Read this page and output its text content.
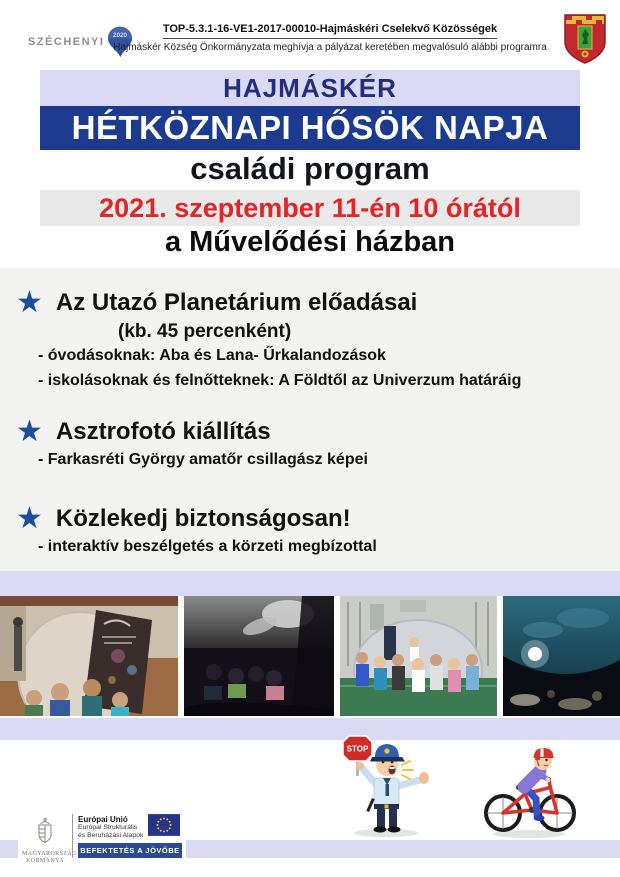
SZÉCHENYI
2020
TOP-5.3.1-16-VE1-2017-00010-Hajmáskéri Cselekvő Közösségek
Hajmáskér Község Önkormányzata meghívja a pályázat keretében megvalósuló alábbi programra
HAJMÁSKÉR
HÉTKÖZNAPI HŐSÖK NAPJA
családi program
2021. szeptember 11-én 10 órától
a Művelődési házban
★ Az Utazó Planetárium előadásai
(kb. 45 percenként)
- óvodásoknak: Aba és Lana- Űrkalandozások
- iskolásoknak és felnőtteknek: A Földtől az Univerzum határáig
★ Asztrofotó kiállítás
- Farkasréti György amatőr csillagász képei
★ Közlekedj biztonságosan!
- interaktív beszélgetés a körzeti megbízottal
STOP
MAGYARORSZÁG
KORMÁNYA
Európai Unió
Európai Strukturális
és Beruházási Alapok
BEFEKTETÉS A JÖVŐBE
